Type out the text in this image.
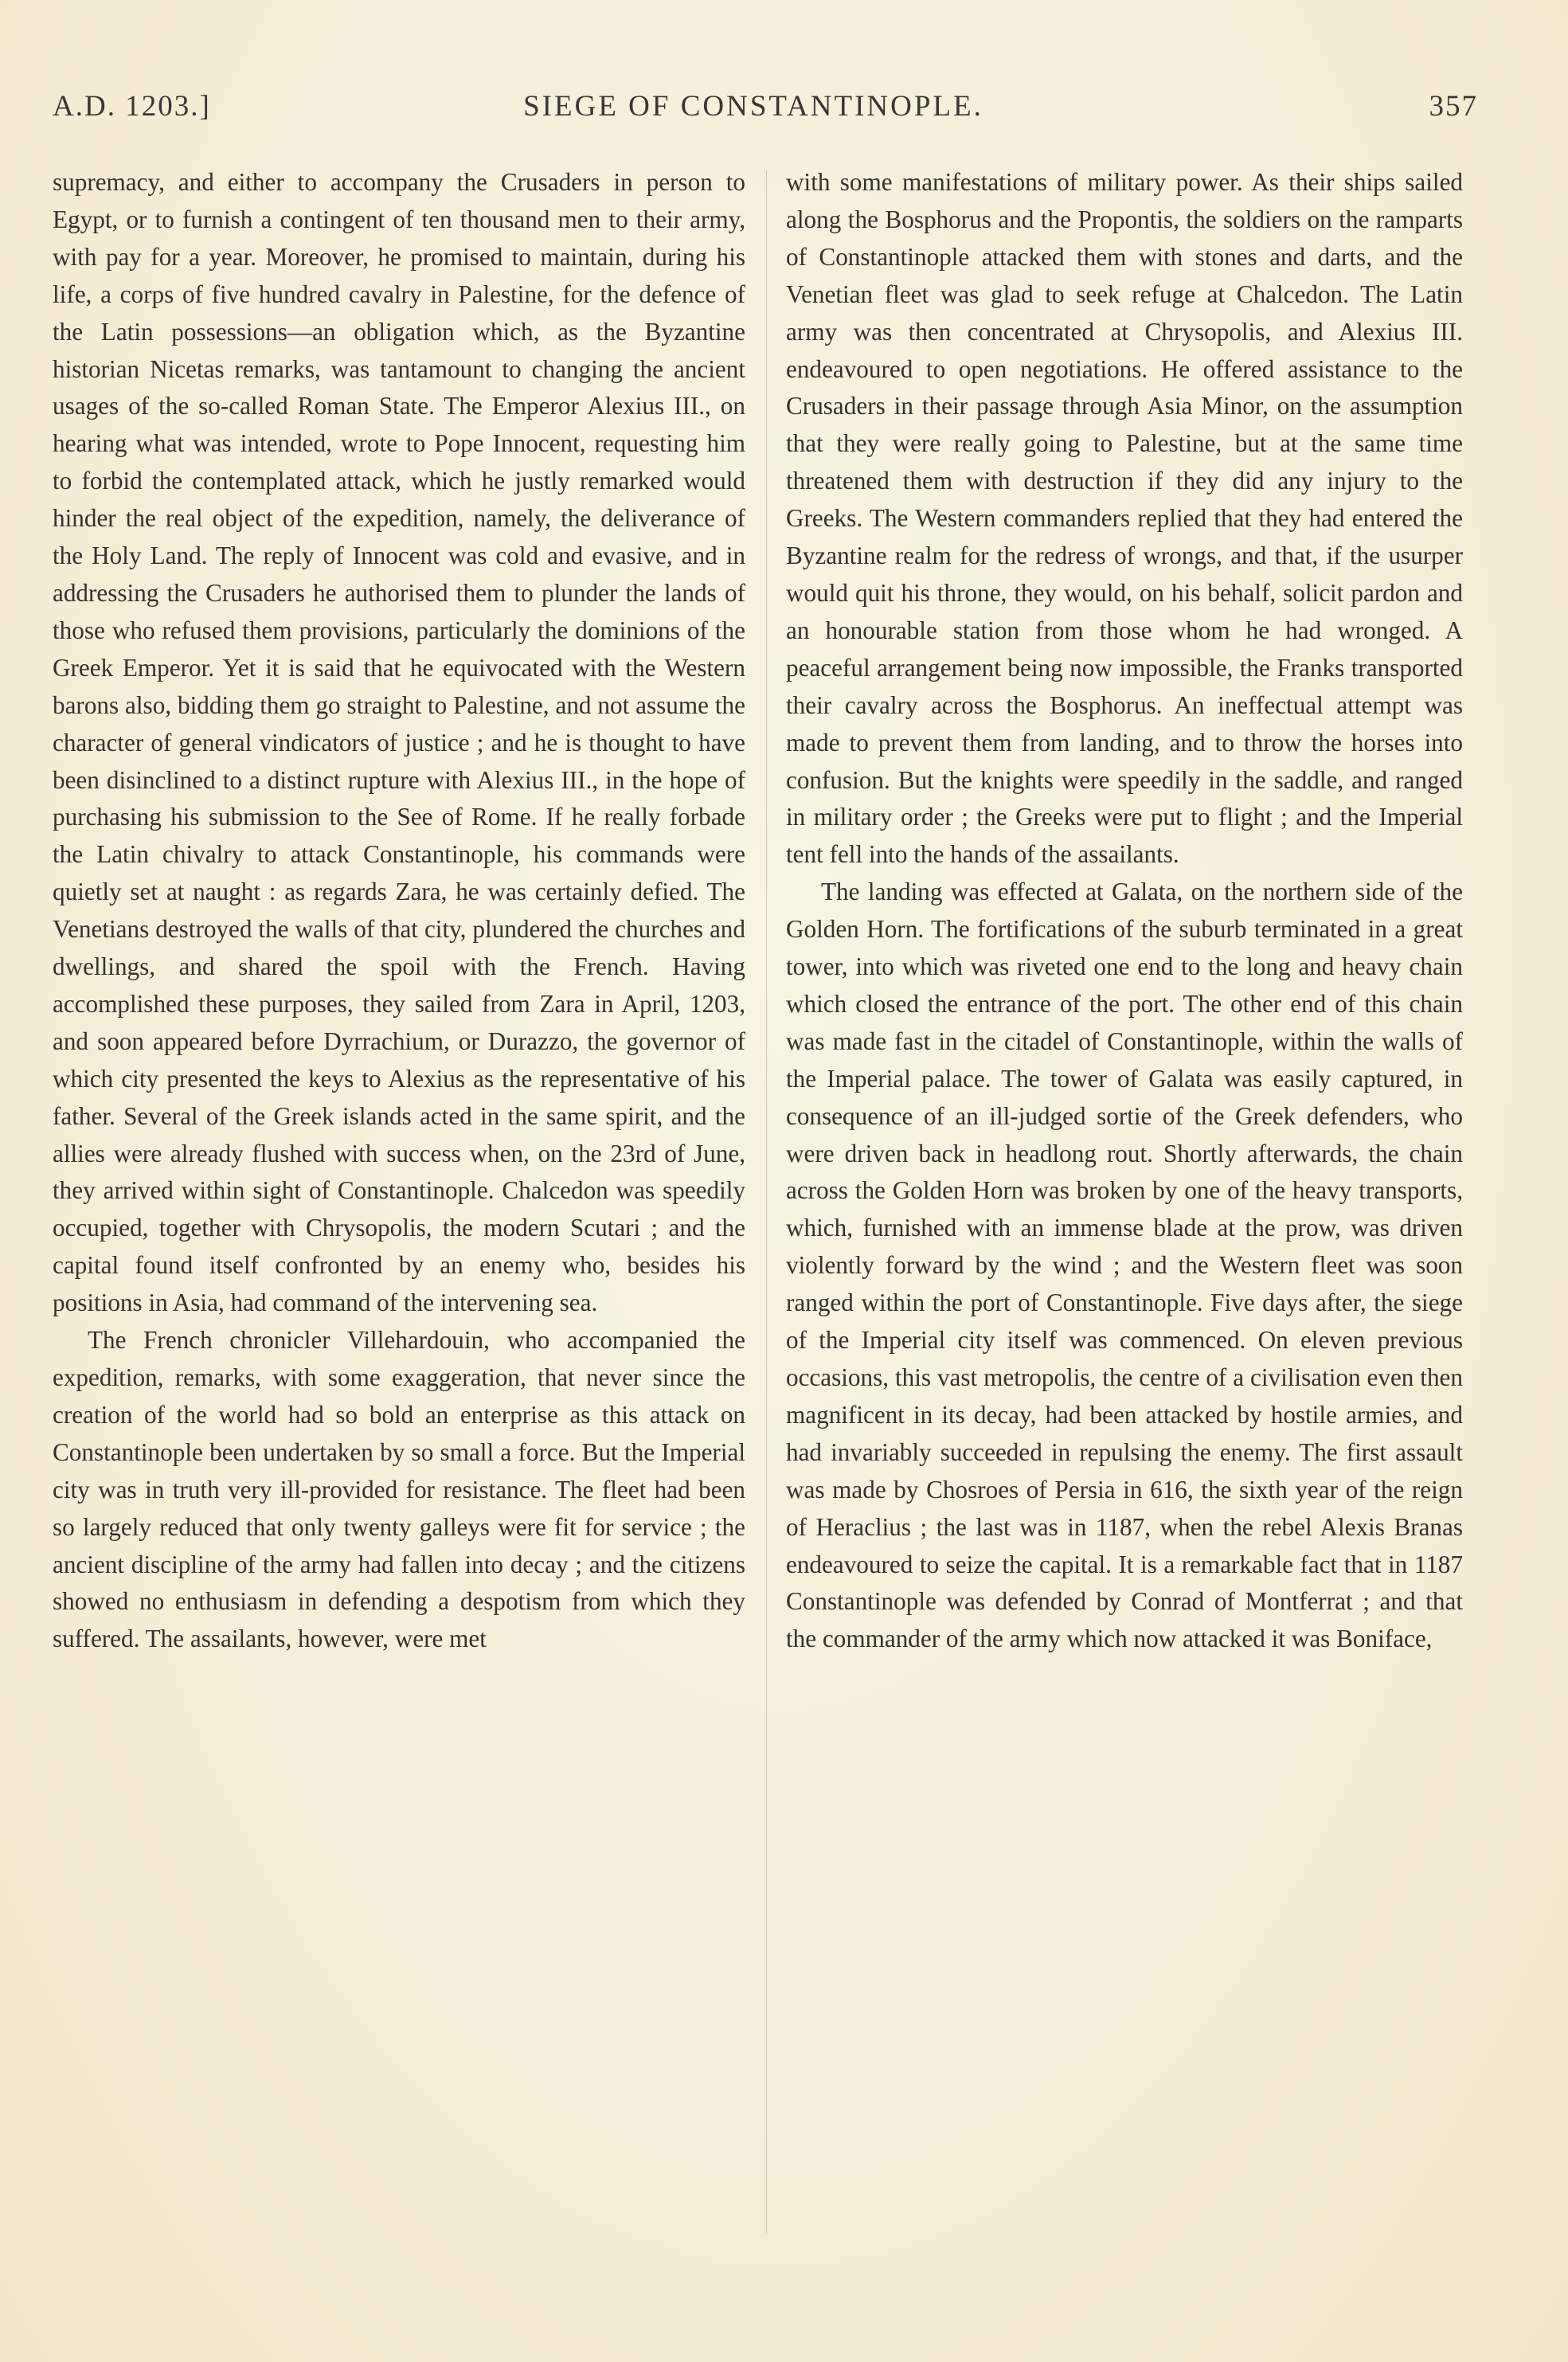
A.D. 1203.]	SIEGE OF CONSTANTINOPLE.	357

supremacy, and either to accompany the Crusaders in person to Egypt, or to furnish a contingent of ten thousand men to their army, with pay for a year. Moreover, he promised to maintain, during his life, a corps of five hundred cavalry in Palestine, for the defence of the Latin possessions—an obligation which, as the Byzantine historian Nicetas remarks, was tantamount to changing the ancient usages of the so-called Roman State. The Emperor Alexius III., on hearing what was intended, wrote to Pope Innocent, requesting him to forbid the contemplated attack, which he justly remarked would hinder the real object of the expedition, namely, the deliverance of the Holy Land. The reply of Innocent was cold and evasive, and in addressing the Crusaders he authorised them to plunder the lands of those who refused them provisions, particularly the dominions of the Greek Emperor. Yet it is said that he equivocated with the Western barons also, bidding them go straight to Palestine, and not assume the character of general vindicators of justice ; and he is thought to have been disinclined to a distinct rupture with Alexius III., in the hope of purchasing his submission to the See of Rome. If he really forbade the Latin chivalry to attack Constantinople, his commands were quietly set at naught : as regards Zara, he was certainly defied. The Venetians destroyed the walls of that city, plundered the churches and dwellings, and shared the spoil with the French. Having accomplished these purposes, they sailed from Zara in April, 1203, and soon appeared before Dyrrachium, or Durazzo, the governor of which city presented the keys to Alexius as the representative of his father. Several of the Greek islands acted in the same spirit, and the allies were already flushed with success when, on the 23rd of June, they arrived within sight of Constantinople. Chalcedon was speedily occupied, together with Chrysopolis, the modern Scutari ; and the capital found itself confronted by an enemy who, besides his positions in Asia, had command of the intervening sea.

The French chronicler Villehardouin, who accompanied the expedition, remarks, with some exaggeration, that never since the creation of the world had so bold an enterprise as this attack on Constantinople been undertaken by so small a force. But the Imperial city was in truth very ill-provided for resistance. The fleet had been so largely reduced that only twenty galleys were fit for service ; the ancient discipline of the army had fallen into decay ; and the citizens showed no enthusiasm in defending a despotism from which they suffered. The assailants, however, were met

with some manifestations of military power. As their ships sailed along the Bosphorus and the Propontis, the soldiers on the ramparts of Constantinople attacked them with stones and darts, and the Venetian fleet was glad to seek refuge at Chalcedon. The Latin army was then concentrated at Chrysopolis, and Alexius III. endeavoured to open negotiations. He offered assistance to the Crusaders in their passage through Asia Minor, on the assumption that they were really going to Palestine, but at the same time threatened them with destruction if they did any injury to the Greeks. The Western commanders replied that they had entered the Byzantine realm for the redress of wrongs, and that, if the usurper would quit his throne, they would, on his behalf, solicit pardon and an honourable station from those whom he had wronged. A peaceful arrangement being now impossible, the Franks transported their cavalry across the Bosphorus. An ineffectual attempt was made to prevent them from landing, and to throw the horses into confusion. But the knights were speedily in the saddle, and ranged in military order ; the Greeks were put to flight ; and the Imperial tent fell into the hands of the assailants.

The landing was effected at Galata, on the northern side of the Golden Horn. The fortifications of the suburb terminated in a great tower, into which was riveted one end to the long and heavy chain which closed the entrance of the port. The other end of this chain was made fast in the citadel of Constantinople, within the walls of the Imperial palace. The tower of Galata was easily captured, in consequence of an ill-judged sortie of the Greek defenders, who were driven back in headlong rout. Shortly afterwards, the chain across the Golden Horn was broken by one of the heavy transports, which, furnished with an immense blade at the prow, was driven violently forward by the wind ; and the Western fleet was soon ranged within the port of Constantinople. Five days after, the siege of the Imperial city itself was commenced. On eleven previous occasions, this vast metropolis, the centre of a civilisation even then magnificent in its decay, had been attacked by hostile armies, and had invariably succeeded in repulsing the enemy. The first assault was made by Chosroes of Persia in 616, the sixth year of the reign of Heraclius ; the last was in 1187, when the rebel Alexis Branas endeavoured to seize the capital. It is a remarkable fact that in 1187 Constantinople was defended by Conrad of Montferrat ; and that the commander of the army which now attacked it was Boniface,
